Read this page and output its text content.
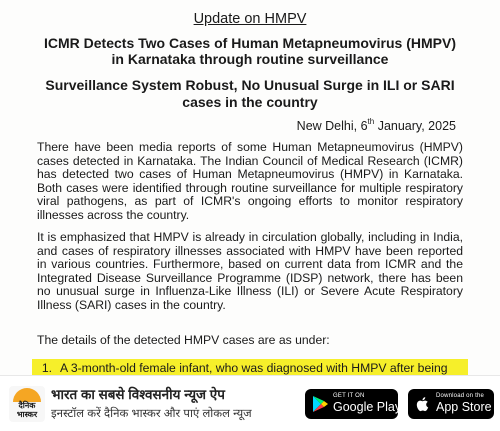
Update on HMPV

ICMR Detects Two Cases of Human Metapneumovirus (HMPV) in Karnataka through routine surveillance

Surveillance System Robust, No Unusual Surge in ILI or SARI cases in the country

New Delhi, 6th January, 2025

There have been media reports of some Human Metapneumovirus (HMPV) cases detected in Karnataka. The Indian Council of Medical Research (ICMR) has detected two cases of Human Metapneumovirus (HMPV) in Karnataka. Both cases were identified through routine surveillance for multiple respiratory viral pathogens, as part of ICMR's ongoing efforts to monitor respiratory illnesses across the country.

It is emphasized that HMPV is already in circulation globally, including in India, and cases of respiratory illnesses associated with HMPV have been reported in various countries. Furthermore, based on current data from ICMR and the Integrated Disease Surveillance Programme (IDSP) network, there has been no unusual surge in Influenza-Like Illness (ILI) or Severe Acute Respiratory Illness (SARI) cases in the country.

The details of the detected HMPV cases are as under:

1. A 3-month-old female infant, who was diagnosed with HMPV after being
दैनिक
भास्कर
भारत का सबसे विश्वसनीय न्यूज ऐप
इनस्टॉल करें दैनिक भास्कर और पाएं लोकल न्यूज
GET IT ON
Google Play
Download on the
App Store
